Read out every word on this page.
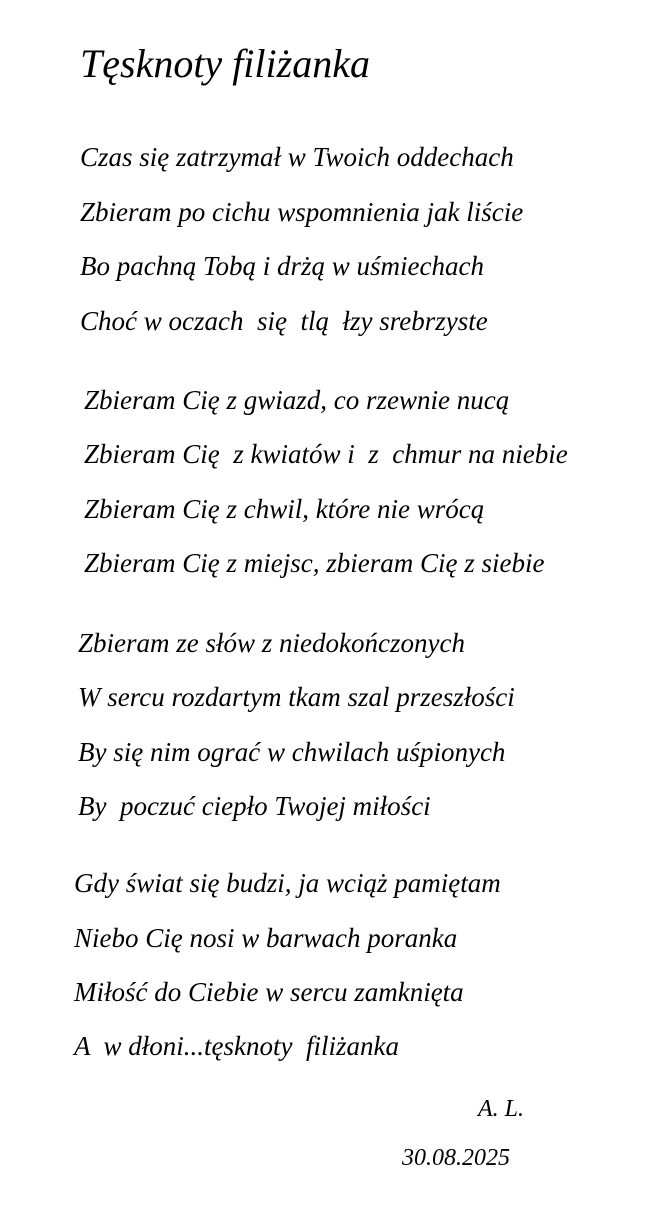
Tęsknoty filiżanka
Czas się zatrzymał w Twoich oddechach
Zbieram po cichu wspomnienia jak liście
Bo pachną Tobą i drżą w uśmiechach
Choć w oczach  się  tlą  łzy srebrzyste
Zbieram Cię z gwiazd, co rzewnie nucą
Zbieram Cię  z kwiatów i  z  chmur na niebie
Zbieram Cię z chwil, które nie wrócą
Zbieram Cię z miejsc, zbieram Cię z siebie
Zbieram ze słów z niedokończonych
W sercu rozdartym tkam szal przeszłości
By się nim ograć w chwilach uśpionych
By  poczuć ciepło Twojej miłości
Gdy świat się budzi, ja wciąż pamiętam
Niebo Cię nosi w barwach poranka
Miłość do Ciebie w sercu zamknięta
A  w dłoni...tęsknoty  filiżanka
A. L.
30.08.2025
